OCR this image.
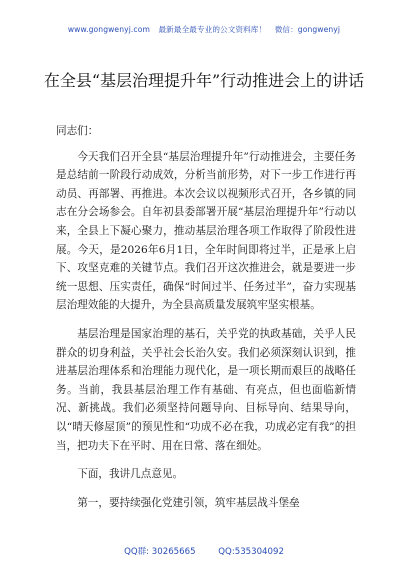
www.gongwenyj.com 最新最全最专业的公文资料库！ 微信：gongwenyj
在全县“基层治理提升年”行动推进会上的讲话

同志们：

今天我们召开全县“基层治理提升年”行动推进会，主要任务是总结前一阶段行动成效，分析当前形势，对下一步工作进行再动员、再部署、再推进。本次会议以视频形式召开，各乡镇的同志在分会场参会。自年初县委部署开展“基层治理提升年”行动以来，全县上下凝心聚力，推动基层治理各项工作取得了阶段性进展。今天，是2026年6月1日，全年时间即将过半，正是承上启下、攻坚克难的关键节点。我们召开这次推进会，就是要进一步统一思想、压实责任，确保“时间过半、任务过半”，奋力实现基层治理效能的大提升，为全县高质量发展筑牢坚实根基。

基层治理是国家治理的基石，关乎党的执政基础，关乎人民群众的切身利益，关乎社会长治久安。我们必须深刻认识到，推进基层治理体系和治理能力现代化，是一项长期而艰巨的战略任务。当前，我县基层治理工作有基础、有亮点，但也面临新情况、新挑战。我们必须坚持问题导向、目标导向、结果导向，以“晴天修屋顶”的预见性和“功成不必在我，功成必定有我”的担当，把功夫下在平时、用在日常、落在细处。

下面，我讲几点意见。

第一，要持续强化党建引领，筑牢基层战斗堡垒

QQ群: 30265665	QQ:535304092
